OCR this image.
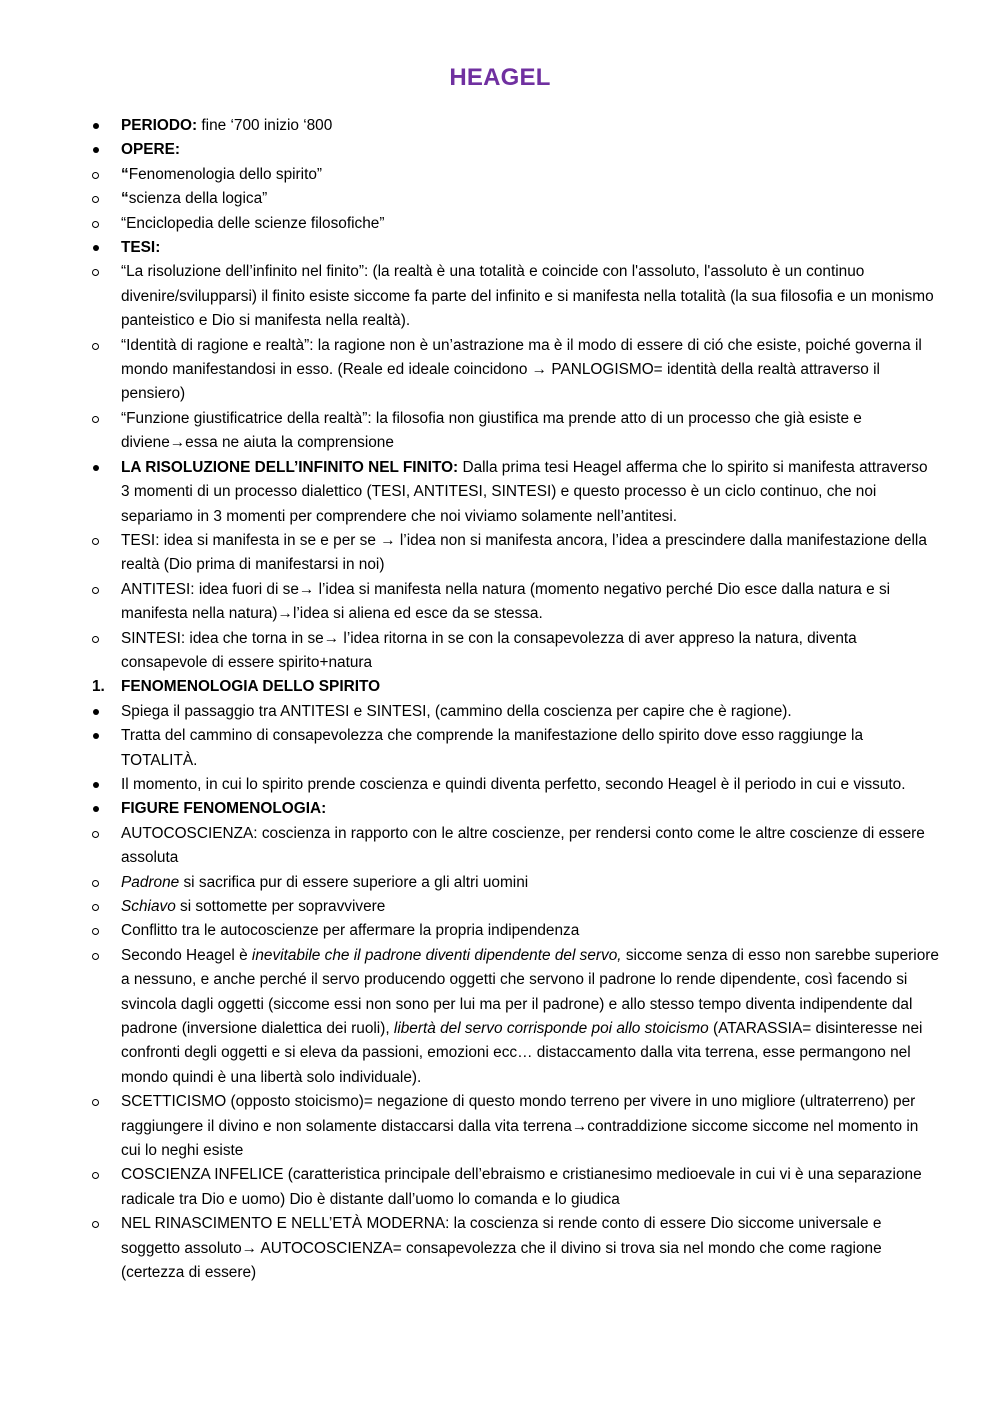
HEAGEL
PERIODO: fine ‘700 inizio ‘800
OPERE:
“Fenomenologia dello spirito”
“scienza della logica”
“Enciclopedia delle scienze filosofiche”
TESI:
“La risoluzione dell’infinito nel finito”: (la realtà è una totalità e coincide con l'assoluto, l'assoluto è un continuo divenire/svilupparsi) il finito esiste siccome fa parte del infinito e si manifesta nella totalità (la sua filosofia e un monismo panteistico e Dio si manifesta nella realtà).
“Identità di ragione e realtà”: la ragione non è un’astrazione ma è il modo di essere di ció che esiste, poiché governa il mondo manifestandosi in esso. (Reale ed ideale coincidono → PANLOGISMO= identità della realtà attraverso il pensiero)
“Funzione giustificatrice della realtà”: la filosofia non giustifica ma prende atto di un processo che già esiste e diviene→essa ne aiuta la comprensione
LA RISOLUZIONE DELL’INFINITO NEL FINITO: Dalla prima tesi Heagel afferma che lo spirito si manifesta attraverso 3 momenti di un processo dialettico (TESI, ANTITESI, SINTESI) e questo processo è un ciclo continuo, che noi separiamo in 3 momenti per comprendere che noi viviamo solamente nell’antitesi.
TESI: idea si manifesta in se e per se → l’idea non si manifesta ancora, l’idea a prescindere dalla manifestazione della realtà (Dio prima di manifestarsi in noi)
ANTITESI: idea fuori di se→ l’idea si manifesta nella natura (momento negativo perché Dio esce dalla natura e si manifesta nella natura)→l’idea si aliena ed esce da se stessa.
SINTESI: idea che torna in se→ l’idea ritorna in se con la consapevolezza di aver appreso la natura, diventa consapevole di essere spirito+natura
1.	FENOMENOLOGIA DELLO SPIRITO
Spiega il passaggio tra ANTITESI e SINTESI, (cammino della coscienza per capire che è ragione).
Tratta del cammino di consapevolezza che comprende la manifestazione dello spirito dove esso raggiunge la TOTALITÀ.
Il momento, in cui lo spirito prende coscienza e quindi diventa perfetto, secondo Heagel è il periodo in cui e vissuto.
FIGURE FENOMENOLOGIA:
AUTOCOSCIENZA: coscienza in rapporto con le altre coscienze, per rendersi conto come le altre coscienze di essere assoluta
Padrone si sacrifica pur di essere superiore a gli altri uomini
Schiavo si sottomette per sopravvivere
Conflitto tra le autocoscienze per affermare la propria indipendenza
Secondo Heagel è inevitabile che il padrone diventi dipendente del servo, siccome senza di esso non sarebbe superiore a nessuno, e anche perché il servo producendo oggetti che servono il padrone lo rende dipendente, così facendo si svincola dagli oggetti (siccome essi non sono per lui ma per il padrone) e allo stesso tempo diventa indipendente dal padrone (inversione dialettica dei ruoli), libertà del servo corrisponde poi allo stoicismo (ATARASSIA= disinteresse nei confronti degli oggetti e si eleva da passioni, emozioni ecc… distaccamento dalla vita terrena, esse permangono nel mondo quindi è una libertà solo individuale).
SCETTICISMO (opposto stoicismo)= negazione di questo mondo terreno per vivere in uno migliore (ultraterreno) per raggiungere il divino e non solamente distaccarsi dalla vita terrena→contraddizione siccome siccome nel momento in cui lo neghi esiste
COSCIENZA INFELICE (caratteristica principale dell’ebraismo e cristianesimo medioevale in cui vi è una separazione radicale tra Dio e uomo) Dio è distante dall’uomo lo comanda e lo giudica
NEL RINASCIMENTO E NELL’ETÀ MODERNA: la coscienza si rende conto di essere Dio siccome universale e soggetto assoluto→ AUTOCOSCIENZA= consapevolezza che il divino si trova sia nel mondo che come ragione (certezza di essere)
